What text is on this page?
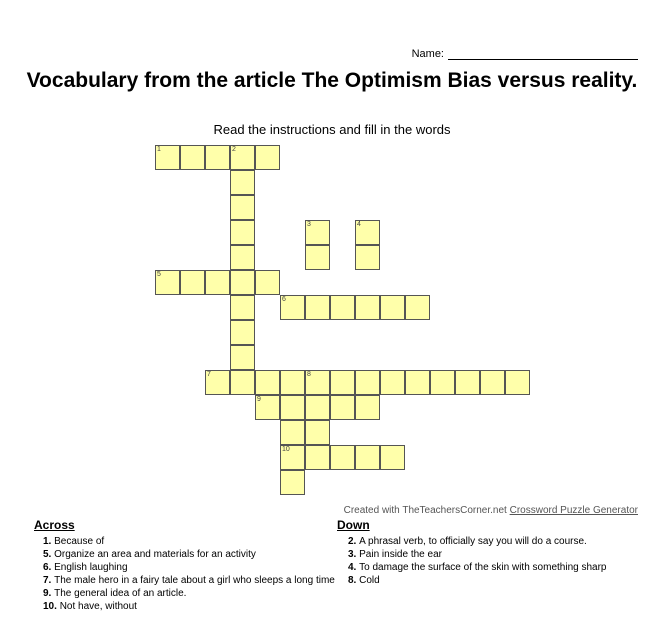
Name:
Vocabulary from the article The Optimism Bias versus reality.
Read the instructions and fill in the words
1	2
3	4
5
6
7	8
9
10
Created with TheTeachersCorner.net Crossword Puzzle Generator
Across
1. Because of
5. Organize an area and materials for an activity
6. English laughing
7. The male hero in a fairy tale about a girl who sleeps a long time
9. The general idea of an article.
10. Not have, without
Down
2. A phrasal verb, to officially say you will do a course.
3. Pain inside the ear
4. To damage the surface of the skin with something sharp
8. Cold
